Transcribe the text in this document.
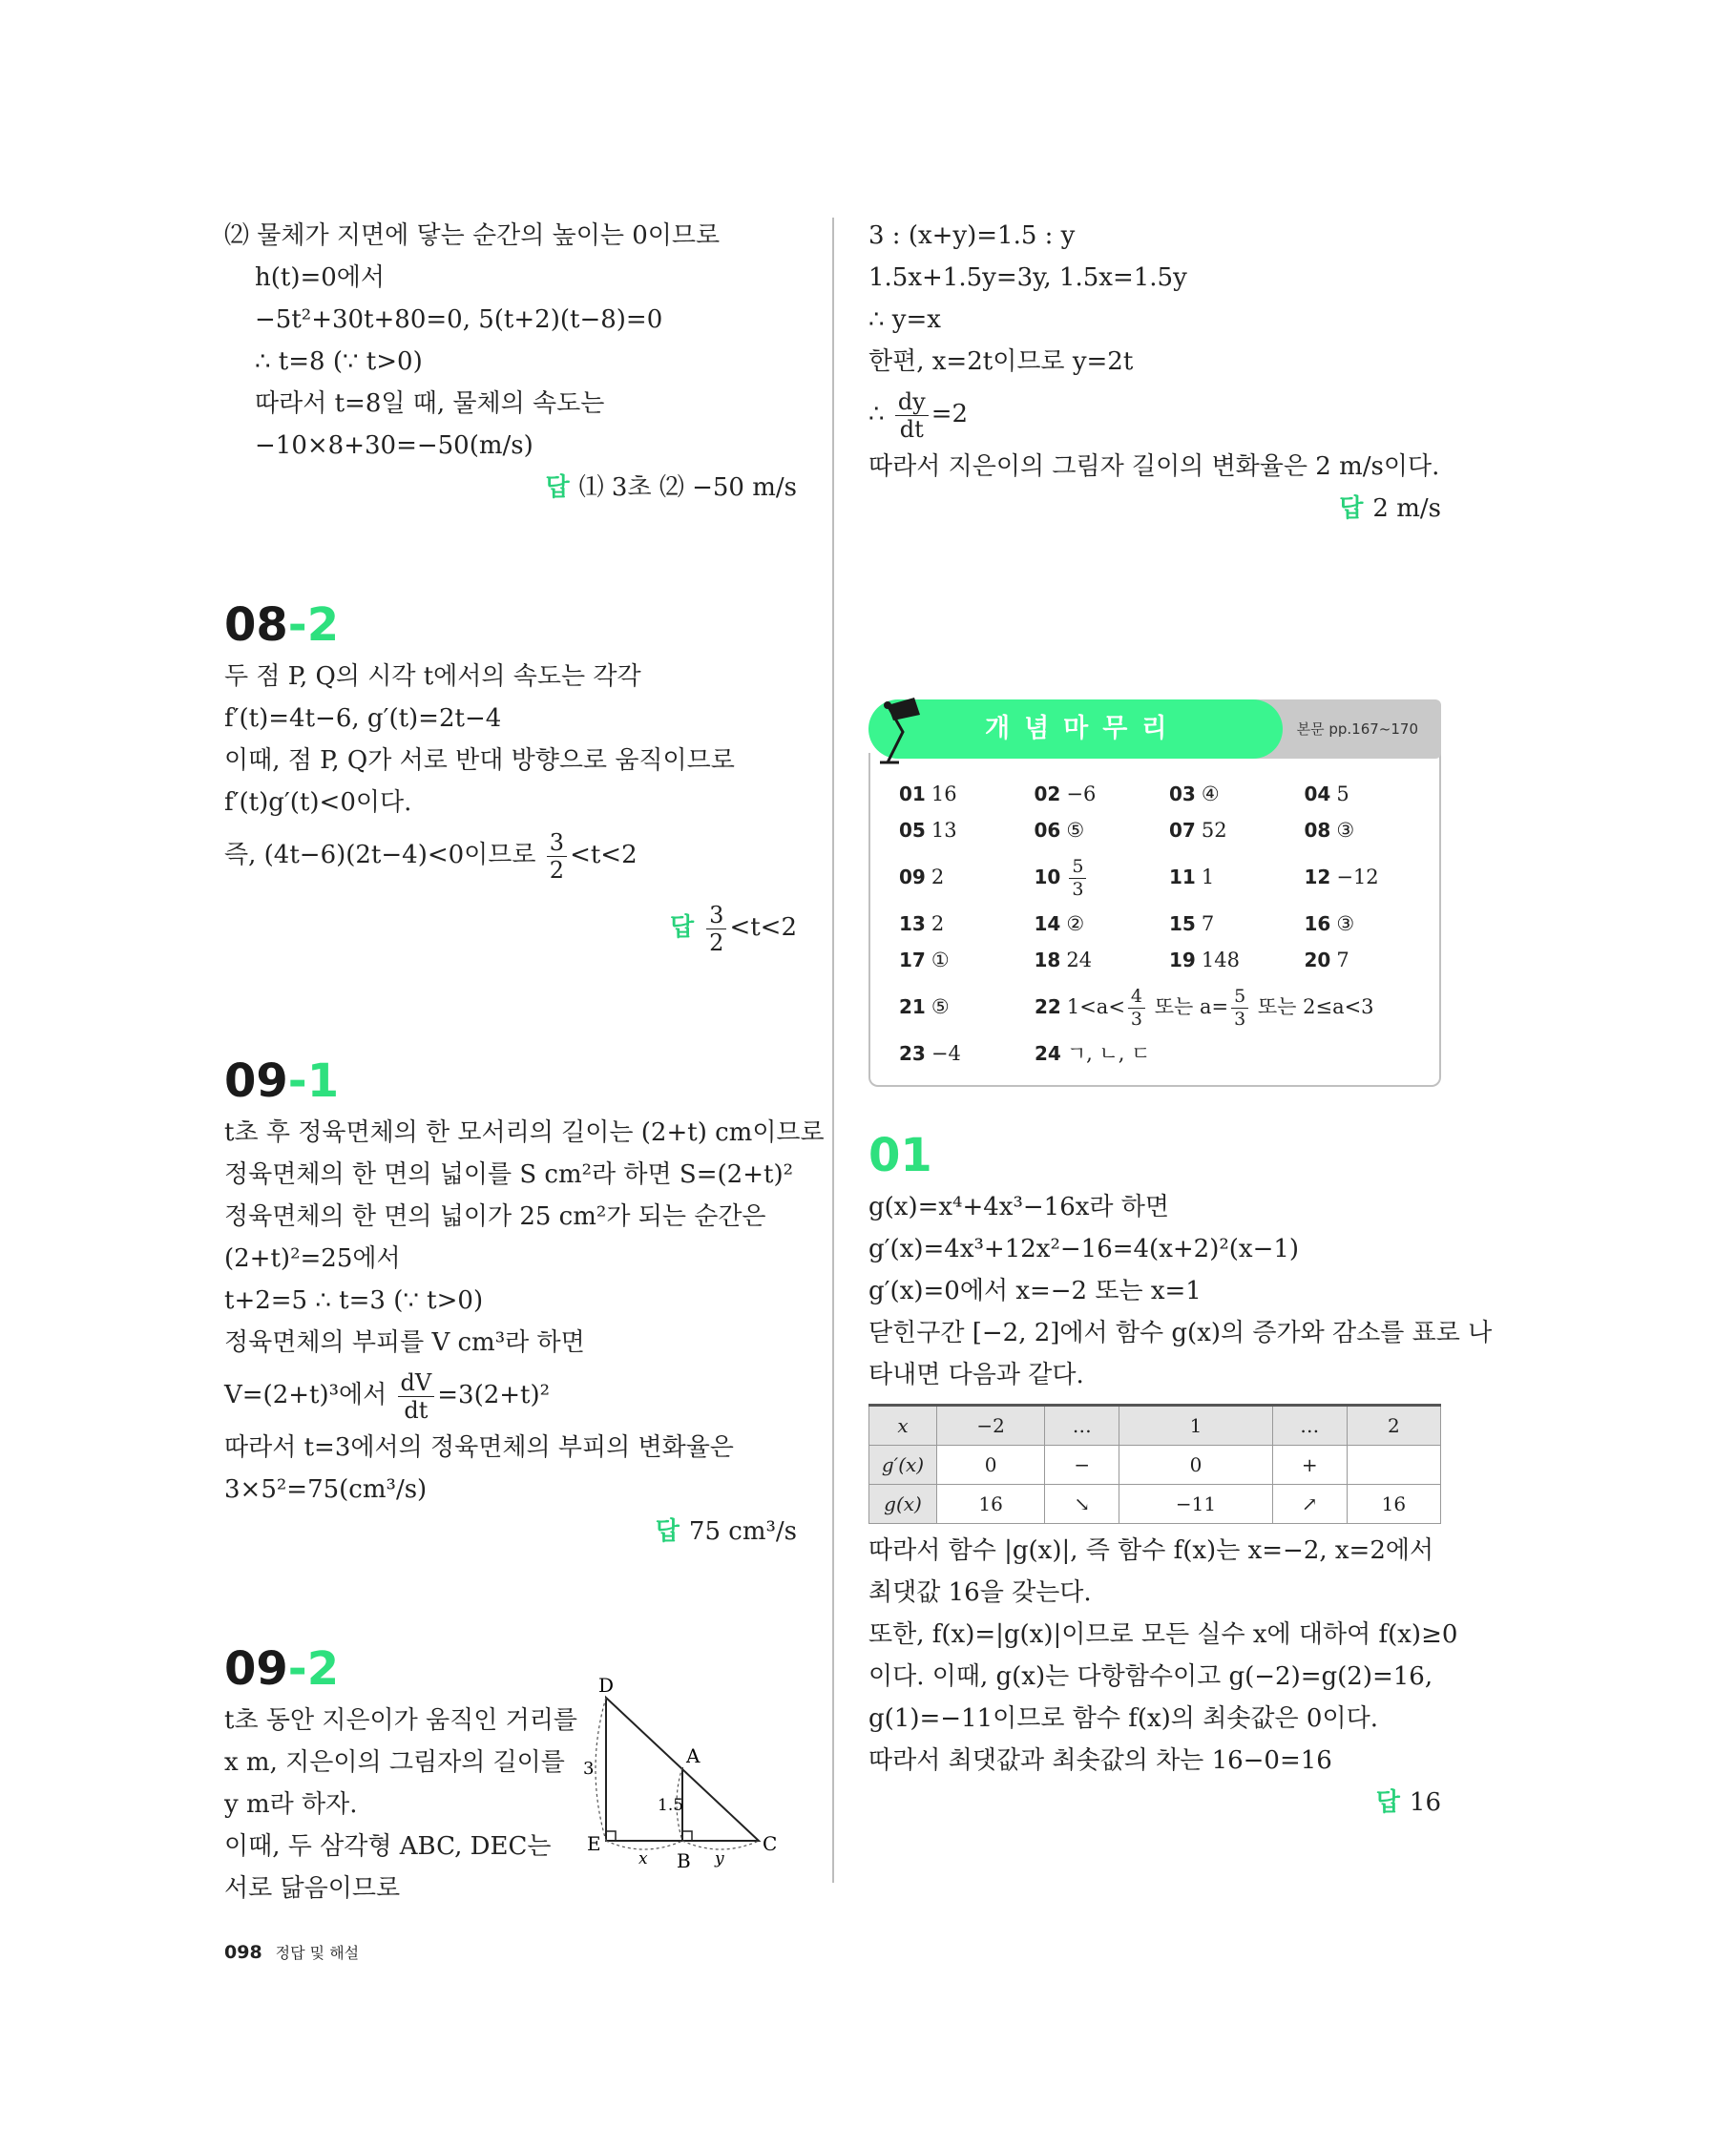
⑵ 물체가 지면에 닿는 순간의 높이는 0이므로
h(t)=0에서
−5t²+30t+80=0, 5(t+2)(t−8)=0
∴ t=8 (∵ t>0)
따라서 t=8일 때, 물체의 속도는
−10×8+30=−50(m/s)
답 ⑴ 3초 ⑵ −50 m/s
08-2
두 점 P, Q의 시각 t에서의 속도는 각각
f′(t)=4t−6, g′(t)=2t−4
이때, 점 P, Q가 서로 반대 방향으로 움직이므로
f′(t)g′(t)<0이다.
즉, (4t−6)(2t−4)<0이므로 $\frac{3}{2} <t<2$
답 $\frac{3}{2} <t<2$
09-1
t초 후 정육면체의 한 모서리의 길이는 (2+t) cm이므로
정육면체의 한 면의 넓이를 S cm²라 하면 S=(2+t)²
정육면체의 한 면의 넓이가 25 cm²가 되는 순간은
(2+t)²=25에서
t+2=5 ∴ t=3 (∵ t>0)
정육면체의 부피를 V cm³라 하면
V=(2+t)³에서 $\frac{dV}{dt} =3(2+t)^2$
따라서 t=3에서의 정육면체의 부피의 변화율은
3×5²=75(cm³/s)
답 75 cm³/s
09-2
t초 동안 지은이가 움직인 거리를
x m, 지은이의 그림자의 길이를
y m라 하자.
이때, 두 삼각형 ABC, DEC는
서로 닮음이므로
D
A
E
B
C
3
1.5
x	y
3 : (x+y)=1.5 : y
1.5x+1.5y=3y, 1.5x=1.5y
∴ y=x
한편, x=2t이므로 y=2t
∴ $\frac{dy}{dt} =2$
따라서 지은이의 그림자 길이의 변화율은 2 m/s이다.
답 2 m/s
개념마무리	본문 pp.167~170
01 16	02 −6	03 ④	04 5
05 13	06 ⑤	07 52	08 ③
09 2	$10 \frac{5}{3}$	11 1	12 −12
13 2	14 ②	15 7	16 ③
17 ①	18 24	19 148	20 7
21 ⑤	22 $1<a< \frac{4}{3}$ 또는 $a= \frac{5}{3}$ 또는 2≤a<3
23 −4	24 ㄱ, ㄴ, ㄷ
01
g(x)=x⁴+4x³−16x라 하면
g′(x)=4x³+12x²−16=4(x+2)²(x−1)
g′(x)=0에서 x=−2 또는 x=1
닫힌구간 [−2, 2]에서 함수 g(x)의 증가와 감소를 표로 나
타내면 다음과 같다.
x	−2	…	1	…	2
g′(x)	0	−	0	+	
g(x)	16	↘	−11	↗	16
따라서 함수 |g(x)|, 즉 함수 f(x)는 x=−2, x=2에서
최댓값 16을 갖는다.
또한, f(x)=|g(x)|이므로 모든 실수 x에 대하여 f(x)≥0
이다. 이때, g(x)는 다항함수이고 g(−2)=g(2)=16,
g(1)=−11이므로 함수 f(x)의 최솟값은 0이다.
따라서 최댓값과 최솟값의 차는 16−0=16
답 16
098 정답 및 해설
